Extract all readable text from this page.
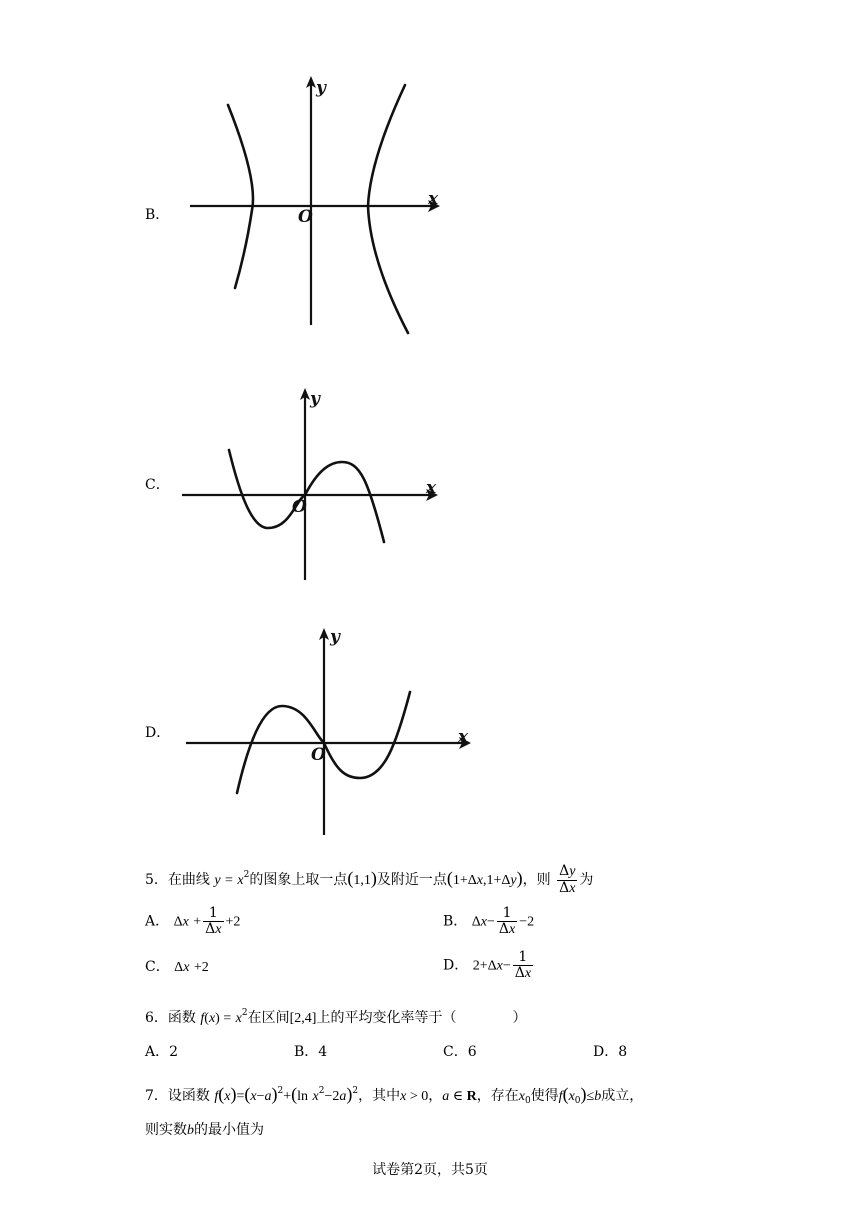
B．
x
y
O
C．	x
y
O
D．	x
y
O
5．在曲线 $y = x^2$的图象上取一点(1,1)及附近一点(1+Δx,1+Δy)，则 $\frac{\Delta y}{\Delta x}$ 为
A． $\Delta x + \frac{1}{\Delta x} +2$	B． $\Delta x- \frac{1}{\Delta x} -2$
C． Δx +2	D． $2+\Delta x- \frac{1}{\Delta x}$
6．函数 $f(x) = x^2$在区间[2,4]上的平均变化率等于（　　　　）
A．2	B．4	C．6	D．8
7．设函数 $f(x)=(x-a)^2+(\ln$ $x^2-2a)^2$，其中x > 0，a ∈ R，存在$x_0$使得$f(x_0)\le b$成立，
则实数b的最小值为
试卷第2页，共5页
